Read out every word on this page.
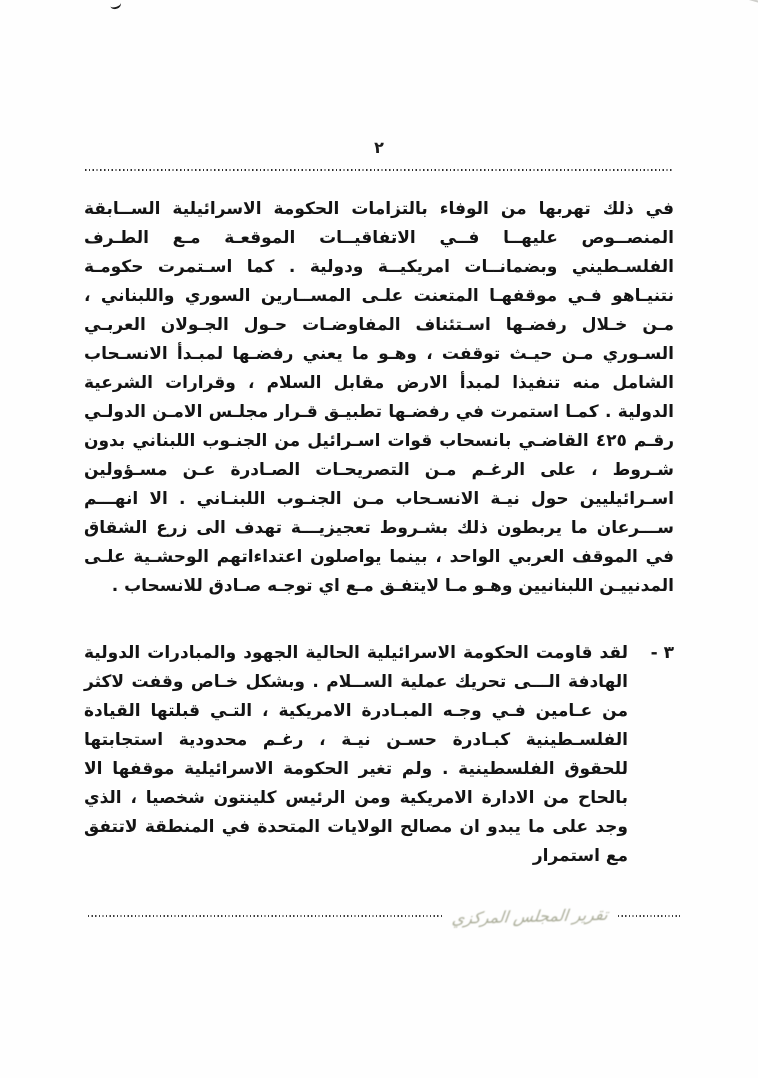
٢

في ذلك تهربها من الوفاء بالتزامات الحكومة الاسرائيلية الســابقة المنصــوص عليهــا فــي الاتفاقيــات الموقعـة مـع الطـرف الفلسـطيني وبضمانــات امريكيــة ودولية . كما اسـتمرت حكومـة نتنيـاهو فـي موقفهـا المتعنت علـى المســارين السوري واللبناني ، مـن خـلال رفضـها اسـتئناف المفاوضـات حـول الجـولان العربـي السـوري مـن حيـث توقفت ، وهـو ما يعني رفضـها لمبـدأ الانسـحاب الشامل منه تنفيذا لمبدأ الارض مقابل السلام ، وقرارات الشرعية الدولية . كمـا استمرت في رفضـها تطبيـق قـرار مجلـس الامـن الدولـي رقـم ٤٢٥ القاضـي بانسحاب قوات اسـرائيل من الجنـوب اللبناني بدون شـروط ، على الرغـم مـن التصريحـات الصـادرة عـن مسـؤولين اسـرائيليين حول نيـة الانسـحاب مـن الجنـوب اللبنـاني . الا انهـــم ســـرعان ما يربطون ذلك بشـروط تعجيزيـــة تهدف الى زرع الشقاق في الموقف العربي الواحد ، بينما يواصلون اعتداءاتهم الوحشـية علـى المدنييـن اللبنانيين وهـو مـا لايتفـق مـع اي توجـه صـادق للانسحاب .

٣ -
لقد قاومت الحكومة الاسرائيلية الحالية الجهود والمبادرات الدولية الهادفة الـــى تحريك عملية الســلام . وبشكل خـاص وقفت لاكثر من عـامين فـي وجـه المبـادرة الامريكية ، التـي قبلتها القيادة الفلسـطينية كبـادرة حسـن نيـة ، رغـم محدودية استجابتها للحقوق الفلسطينية . ولم تغير الحكومة الاسرائيلية موقفها الا بالحاح من الادارة الامريكية ومن الرئيس كلينتون شخصيا ، الذي وجد على ما يبدو ان مصالح الولايات المتحدة في المنطقة لاتتفق مع استمرار
تقرير المجلس المركزي
